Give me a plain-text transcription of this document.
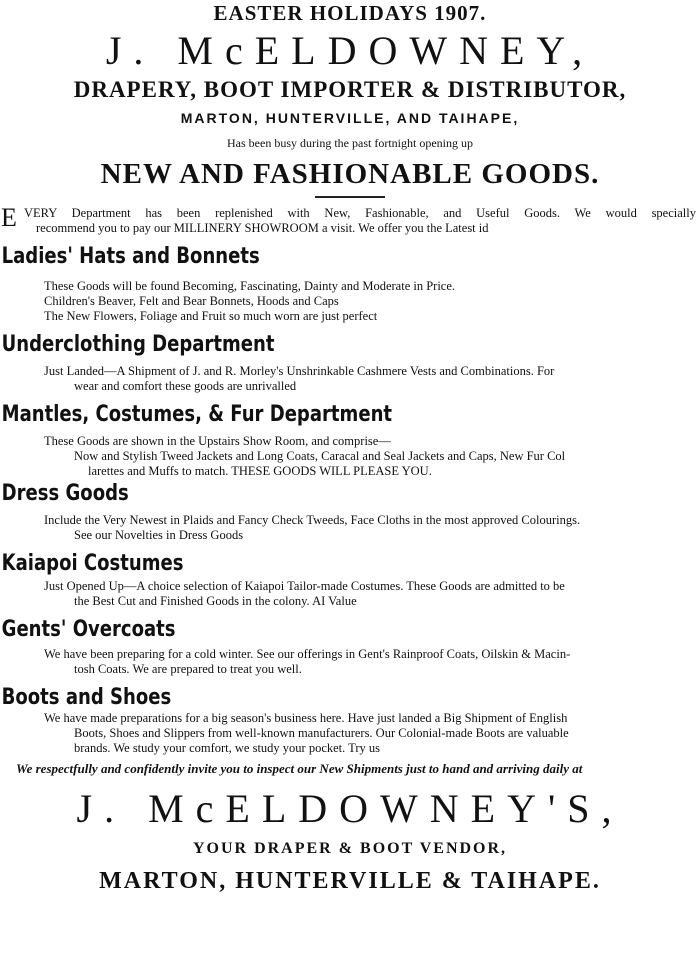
EASTER HOLIDAYS 1907.
J. McELDOWNEY,
DRAPERY, BOOT IMPORTER & DISTRIBUTOR,
MARTON, HUNTERVILLE, AND TAIHAPE,
Has been busy during the past fortnight opening up
NEW AND FASHIONABLE GOODS.
E VERY Department has been replenished with New, Fashionable, and Useful Goods. We would specially
recommend you to pay our MILLINERY SHOWROOM a visit. We offer you the Latest id
Ladies' Hats and Bonnets
These Goods will be found Becoming, Fascinating, Dainty and Moderate in Price.
Children's Beaver, Felt and Bear Bonnets, Hoods and Caps
The New Flowers, Foliage and Fruit so much worn are just perfect
Underclothing Department
Just Landed—A Shipment of J. and R. Morley's Unshrinkable Cashmere Vests and Combinations. For
wear and comfort these goods are unrivalled
Mantles, Costumes, & Fur Department
These Goods are shown in the Upstairs Show Room, and comprise—
Now and Stylish Tweed Jackets and Long Coats, Caracal and Seal Jackets and Caps, New Fur Col
larettes and Muffs to match. THESE GOODS WILL PLEASE YOU.
Dress Goods
Include the Very Newest in Plaids and Fancy Check Tweeds, Face Cloths in the most approved Colourings.
See our Novelties in Dress Goods
Kaiapoi Costumes
Just Opened Up—A choice selection of Kaiapoi Tailor-made Costumes. These Goods are admitted to be
the Best Cut and Finished Goods in the colony. AI Value
Gents' Overcoats
We have been preparing for a cold winter. See our offerings in Gent's Rainproof Coats, Oilskin & Macin-
tosh Coats. We are prepared to treat you well.
Boots and Shoes
We have made preparations for a big season's business here. Have just landed a Big Shipment of English
Boots, Shoes and Slippers from well-known manufacturers. Our Colonial-made Boots are valuable
brands. We study your comfort, we study your pocket. Try us
We respectfully and confidently invite you to inspect our New Shipments just to hand and arriving daily at
J. McELDOWNEY'S,
YOUR DRAPER & BOOT VENDOR,
MARTON, HUNTERVILLE & TAIHAPE.
